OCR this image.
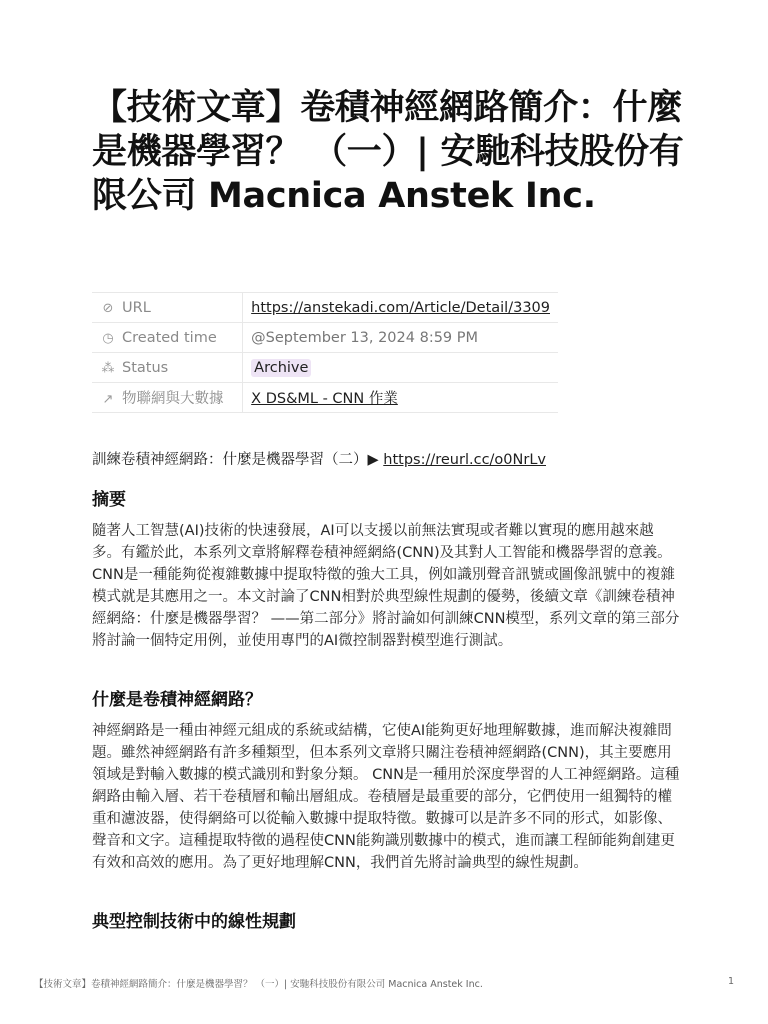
【技術文章】卷積神經網路簡介：什麼是機器學習？ （一）| 安馳科技股份有限公司 Macnica Anstek Inc.
⊘ URL	https://anstekadi.com/Article/Detail/3309
◷ Created time	@September 13, 2024 8:59 PM
⁂ Status	Archive
↗ 物聯網與大數據	X DS&ML - CNN 作業
訓練卷積神經網路：什麼是機器學習（二）▶ https://reurl.cc/o0NrLv
摘要

隨著人工智慧(AI)技術的快速發展，AI可以支援以前無法實現或者難以實現的應用越來越多。有鑑於此，本系列文章將解釋卷積神經網絡(CNN)及其對人工智能和機器學習的意義。 CNN是一種能夠從複雜數據中提取特徵的強大工具，例如識別聲音訊號或圖像訊號中的複雜模式就是其應用之一。本文討論了CNN相對於典型線性規劃的優勢，後續文章《訓練卷積神經網絡：什麼是機器學習？ ——第二部分》將討論如何訓練CNN模型，系列文章的第三部分將討論一個特定用例，並使用專門的AI微控制器對模型進行測試。

什麼是卷積神經網路？

神經網路是一種由神經元組成的系統或結構，它使AI能夠更好地理解數據，進而解決複雜問題。雖然神經網路有許多種類型，但本系列文章將只關注卷積神經網路(CNN)，其主要應用領域是對輸入數據的模式識別和對象分類。 CNN是一種用於深度學習的人工神經網路。這種網路由輸入層、若干卷積層和輸出層組成。卷積層是最重要的部分，它們使用一組獨特的權重和濾波器，使得網絡可以從輸入數據中提取特徵。數據可以是許多不同的形式，如影像、聲音和文字。這種提取特徵的過程使CNN能夠識別數據中的模式，進而讓工程師能夠創建更有效和高效的應用。為了更好地理解CNN，我們首先將討論典型的線性規劃。

典型控制技術中的線性規劃
【技術文章】卷積神經網路簡介：什麼是機器學習？ （一）| 安馳科技股份有限公司 Macnica Anstek Inc.	1
